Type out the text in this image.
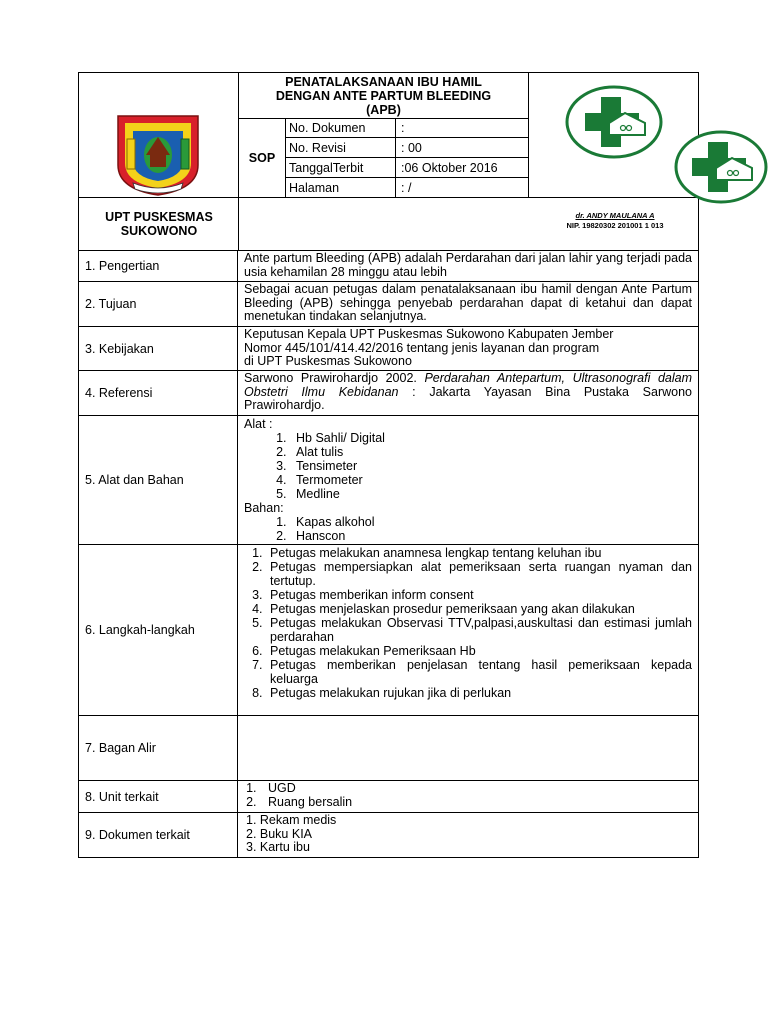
PENATALAKSANAAN IBU HAMIL
DENGAN ANTE PARTUM BLEEDING
(APB)
SOP
No. Dokumen	:
No. Revisi	: 00
TanggalTerbit	:06 Oktober 2016
Halaman	: /
UPT PUSKESMAS
SUKOWONO
dr. ANDY MAULANA A
NIP. 19820302 201001 1 013
1. Pengertian

Ante partum Bleeding (APB) adalah Perdarahan dari jalan lahir yang terjadi pada usia kehamilan 28 minggu atau lebih

2. Tujuan

Sebagai acuan petugas dalam penatalaksanaan ibu hamil dengan Ante Partum Bleeding (APB) sehingga penyebab perdarahan dapat di ketahui dan dapat menetukan tindakan selanjutnya.

3. Kebijakan
Keputusan Kepala UPT Puskesmas Sukowono Kabupaten Jember
Nomor 445/101/414.42/2016 tentang jenis layanan dan program
di UPT Puskesmas Sukowono
4. Referensi

Sarwono Prawirohardjo 2002. Perdarahan Antepartum, Ultrasonografi dalam Obstetri Ilmu Kebidanan : Jakarta Yayasan Bina Pustaka Sarwono Prawirohardjo.

5. Alat dan Bahan
Alat :
1. Hb Sahli/ Digital
2. Alat tulis
3. Tensimeter
4. Termometer
5. Medline
Bahan:
1. Kapas alkohol
2. Hanscon
6. Langkah-langkah
1. Petugas melakukan anamnesa lengkap tentang keluhan ibu
2. Petugas mempersiapkan alat pemeriksaan serta ruangan nyaman dan tertutup.
3. Petugas memberikan inform consent
4. Petugas menjelaskan prosedur pemeriksaan yang akan dilakukan
5. Petugas melakukan Observasi TTV,palpasi,auskultasi dan estimasi jumlah perdarahan
6. Petugas melakukan Pemeriksaan Hb
7. Petugas memberikan penjelasan tentang hasil pemeriksaan kepada keluarga
8. Petugas melakukan rujukan jika di perlukan
7. Bagan Alir
8. Unit terkait
1. UGD
2. Ruang bersalin
9. Dokumen terkait
1. Rekam medis
2. Buku KIA
3. Kartu ibu
